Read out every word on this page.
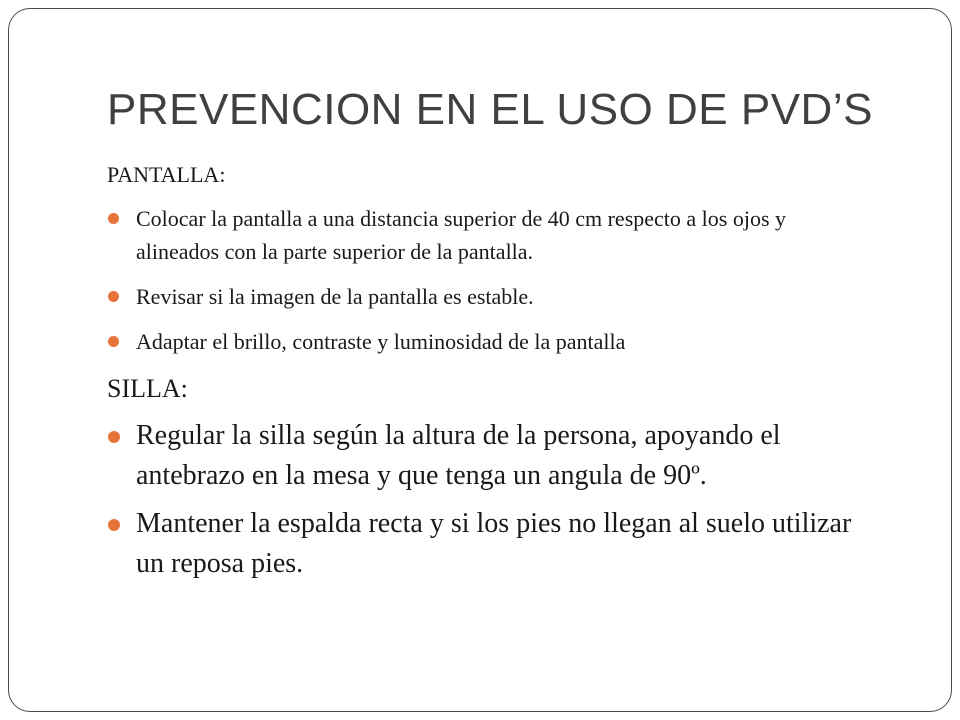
PREVENCION EN EL USO DE PVD’S

PANTALLA:

Colocar la pantalla a una distancia superior de 40 cm respecto a los ojos y alineados con la parte superior de la pantalla.
Revisar si la imagen de la pantalla es estable.
Adaptar el brillo, contraste y luminosidad de la pantalla

SILLA:

Regular la silla según la altura de la persona, apoyando el antebrazo en la mesa y que tenga un angula de 90º.
Mantener la espalda recta y si los pies no llegan al suelo utilizar un reposa pies.
